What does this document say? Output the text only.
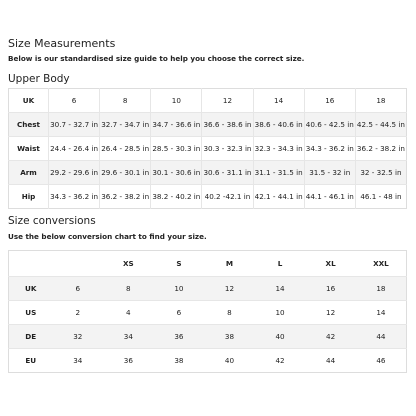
Size Measurements
Below is our standardised size guide to help you choose the correct size.
Upper Body
UK	6	8	10	12	14	16	18
Chest	30.7 - 32.7 in	32.7 - 34.7 in	34.7 - 36.6 in	36.6 - 38.6 in	38.6 - 40.6 in	40.6 - 42.5 in	42.5 - 44.5 in
Waist	24.4 - 26.4 in	26.4 - 28.5 in	28.5 - 30.3 in	30.3 - 32.3 in	32.3 - 34.3 in	34.3 - 36.2 in	36.2 - 38.2 in
Arm	29.2 - 29.6 in	29.6 - 30.1 in	30.1 - 30.6 in	30.6 - 31.1 in	31.1 - 31.5 in	31.5 - 32 in	32 - 32.5 in
Hip	34.3 - 36.2 in	36.2 - 38.2 in	38.2 - 40.2 in	40.2 -42.1 in	42.1 - 44.1 in	44.1 - 46.1 in	46.1 - 48 in
Size conversions
Use the below conversion chart to find your size.
		XS	S	M	L	XL	XXL
UK	6	8	10	12	14	16	18
US	2	4	6	8	10	12	14
DE	32	34	36	38	40	42	44
EU	34	36	38	40	42	44	46
